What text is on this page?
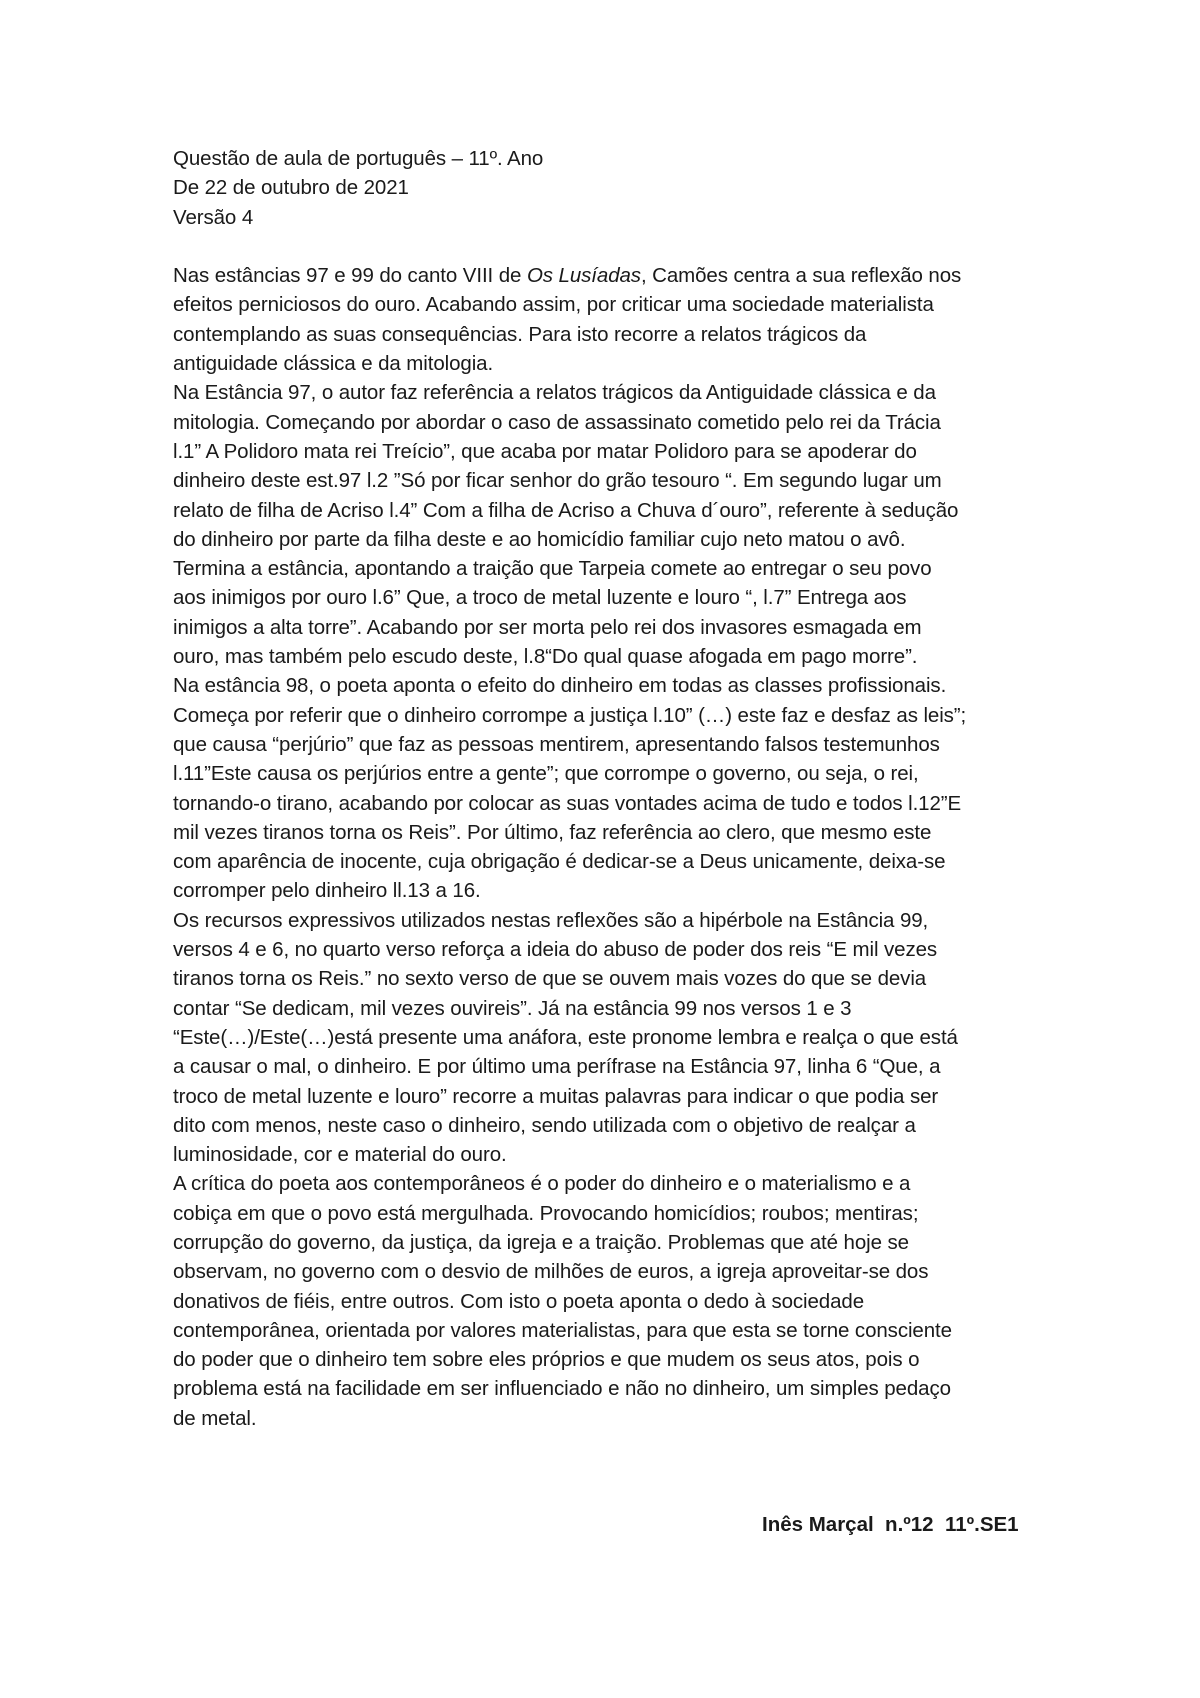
Questão de aula de português – 11º. Ano
De 22 de outubro de 2021
Versão 4
Nas estâncias 97 e 99 do canto VIII de Os Lusíadas, Camões centra a sua reflexão nos
efeitos perniciosos do ouro. Acabando assim, por criticar uma sociedade materialista
contemplando as suas consequências. Para isto recorre a relatos trágicos da
antiguidade clássica e da mitologia.
Na Estância 97, o autor faz referência a relatos trágicos da Antiguidade clássica e da
mitologia. Começando por abordar o caso de assassinato cometido pelo rei da Trácia
l.1” A Polidoro mata rei Treício”, que acaba por matar Polidoro para se apoderar do
dinheiro deste est.97 l.2 ”Só por ficar senhor do grão tesouro “. Em segundo lugar um
relato de filha de Acriso l.4” Com a filha de Acriso a Chuva d´ouro”, referente à sedução
do dinheiro por parte da filha deste e ao homicídio familiar cujo neto matou o avô.
Termina a estância, apontando a traição que Tarpeia comete ao entregar o seu povo
aos inimigos por ouro l.6” Que, a troco de metal luzente e louro “, l.7” Entrega aos
inimigos a alta torre”. Acabando por ser morta pelo rei dos invasores esmagada em
ouro, mas também pelo escudo deste, l.8“Do qual quase afogada em pago morre”.
Na estância 98, o poeta aponta o efeito do dinheiro em todas as classes profissionais.
Começa por referir que o dinheiro corrompe a justiça l.10” (…) este faz e desfaz as leis”;
que causa “perjúrio” que faz as pessoas mentirem, apresentando falsos testemunhos
l.11”Este causa os perjúrios entre a gente”; que corrompe o governo, ou seja, o rei,
tornando-o tirano, acabando por colocar as suas vontades acima de tudo e todos l.12”E
mil vezes tiranos torna os Reis”. Por último, faz referência ao clero, que mesmo este
com aparência de inocente, cuja obrigação é dedicar-se a Deus unicamente, deixa-se
corromper pelo dinheiro ll.13 a 16.
Os recursos expressivos utilizados nestas reflexões são a hipérbole na Estância 99,
versos 4 e 6, no quarto verso reforça a ideia do abuso de poder dos reis “E mil vezes
tiranos torna os Reis.” no sexto verso de que se ouvem mais vozes do que se devia
contar “Se dedicam, mil vezes ouvireis”. Já na estância 99 nos versos 1 e 3
“Este(…)/Este(…)está presente uma anáfora, este pronome lembra e realça o que está
a causar o mal, o dinheiro. E por último uma perífrase na Estância 97, linha 6 “Que, a
troco de metal luzente e louro” recorre a muitas palavras para indicar o que podia ser
dito com menos, neste caso o dinheiro, sendo utilizada com o objetivo de realçar a
luminosidade, cor e material do ouro.
A crítica do poeta aos contemporâneos é o poder do dinheiro e o materialismo e a
cobiça em que o povo está mergulhada. Provocando homicídios; roubos; mentiras;
corrupção do governo, da justiça, da igreja e a traição. Problemas que até hoje se
observam, no governo com o desvio de milhões de euros, a igreja aproveitar-se dos
donativos de fiéis, entre outros. Com isto o poeta aponta o dedo à sociedade
contemporânea, orientada por valores materialistas, para que esta se torne consciente
do poder que o dinheiro tem sobre eles próprios e que mudem os seus atos, pois o
problema está na facilidade em ser influenciado e não no dinheiro, um simples pedaço
de metal.
Inês Marçal  n.º12  11º.SE1
